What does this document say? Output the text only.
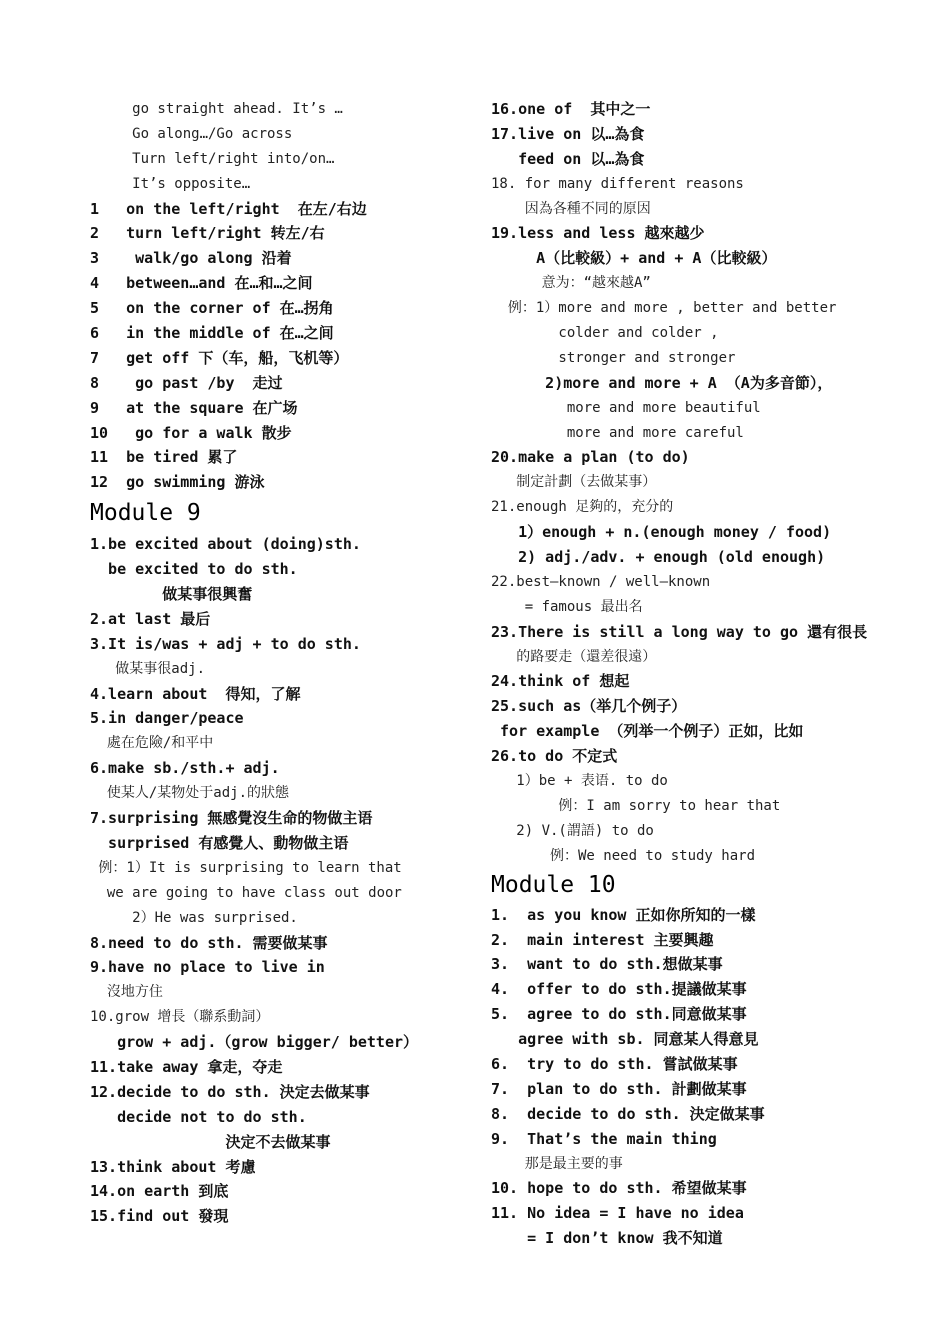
go straight ahead. It’s …
Go along…/Go across
Turn left/right into/on…
It’s opposite…
1   on the left/right  在左/右边
2   turn left/right 转左/右
3    walk/go along 沿着
4   between…and 在…和…之间
5   on the corner of 在…拐角
6   in the middle of 在…之间
7   get off 下（车，船，飞机等）
8    go past /by  走过
9   at the square 在广场
10   go for a walk 散步
11  be tired 累了
12  go swimming 游泳
Module 9
1.be excited about (doing)sth.
be excited to do sth.
做某事很興奮
2.at last 最后
3.It is/was + adj + to do sth.
做某事很adj.
4.learn about  得知，了解
5.in danger/peace
處在危險/和平中
6.make sb./sth.+ adj.
使某人/某物处于adj.的狀態
7.surprising 無感覺沒生命的物做主语
surprised 有感覺人、動物做主语
例：1）It is surprising to learn that
we are going to have class out door
2）He was surprised.
8.need to do sth. 需要做某事
9.have no place to live in
沒地方住
10.grow 增長（聯系動詞）
grow + adj.（grow bigger/ better）
11.take away 拿走，夺走
12.decide to do sth. 決定去做某事
decide not to do sth.
決定不去做某事
13.think about 考慮
14.on earth 到底
15.find out 發現
16.one of  其中之一
17.live on 以…為食
feed on 以…為食
18. for many different reasons
因為各種不同的原因
19.less and less 越來越少
A（比較級）+ and + A（比較級）
意为：“越來越A”
例：1）more and more , better and better
colder and colder ,
stronger and stronger
2)more and more + A （A为多音節），
more and more beautiful
more and more careful
20.make a plan (to do)
制定計劃（去做某事）
21.enough 足夠的，充分的
1）enough + n.(enough money / food)
2) adj./adv. + enough (old enough)
22.best—known / well—known
= famous 最出名
23.There is still a long way to go 還有很長
的路要走（還差很遠）
24.think of 想起
25.such as（举几个例子）
for example （列举一个例子）正如，比如
26.to do 不定式
1）be + 表语. to do
例：I am sorry to hear that
2) V.(謂語) to do
例：We need to study hard
Module 10
1.  as you know 正如你所知的一樣
2.  main interest 主要興趣
3.  want to do sth.想做某事
4.  offer to do sth.提議做某事
5.  agree to do sth.同意做某事
agree with sb. 同意某人得意見
6.  try to do sth. 嘗試做某事
7.  plan to do sth. 計劃做某事
8.  decide to do sth. 決定做某事
9.  That’s the main thing
那是最主要的事
10. hope to do sth. 希望做某事
11. No idea = I have no idea
= I don’t know 我不知道
